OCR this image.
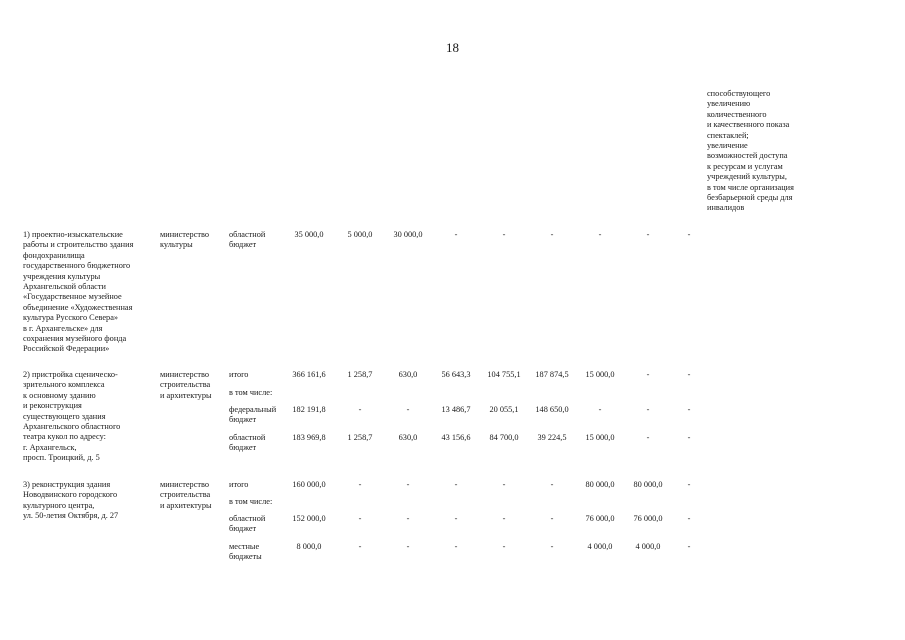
18
способствующего
увеличению
количественного
и качественного показа
спектаклей;
увеличение
возможностей доступа
к ресурсам и услугам
учреждений культуры,
в том числе организация
безбарьерной среды для
инвалидов
1) проектно-изыскательские
работы и строительство здания
фондохранилища
государственного бюджетного
учреждения культуры
Архангельской области
«Государственное музейное
объединение «Художественная
культура Русского Севера»
в г. Архангельске» для
сохранения музейного фонда
Российской Федерации»
министерство
культуры
областной
бюджет
35 000,0	5 000,0	30 000,0	-	-	-	-	-	-
2) пристройка сценическо-
зрительного комплекса
к основному зданию
и реконструкция
существующего здания
Архангельского областного
театра кукол по адресу:
г. Архангельск,
просп. Троицкий, д. 5
министерство
строительства
и архитектуры
итого	366 161,6	1 258,7	630,0	56 643,3	104 755,1	187 874,5	15 000,0	-	-
в том числе:
федеральный
бюджет
182 191,8	-	-	13 486,7	20 055,1	148 650,0	-	-	-
областной
бюджет
183 969,8	1 258,7	630,0	43 156,6	84 700,0	39 224,5	15 000,0	-	-
3) реконструкция здания
Новодвинского городского
культурного центра,
ул. 50-летия Октября, д. 27
министерство
строительства
и архитектуры
итого	160 000,0	-	-	-	-	-	80 000,0	80 000,0	-
в том числе:
областной
бюджет
152 000,0	-	-	-	-	-	76 000,0	76 000,0	-
местные
бюджеты
8 000,0	-	-	-	-	-	4 000,0	4 000,0	-
